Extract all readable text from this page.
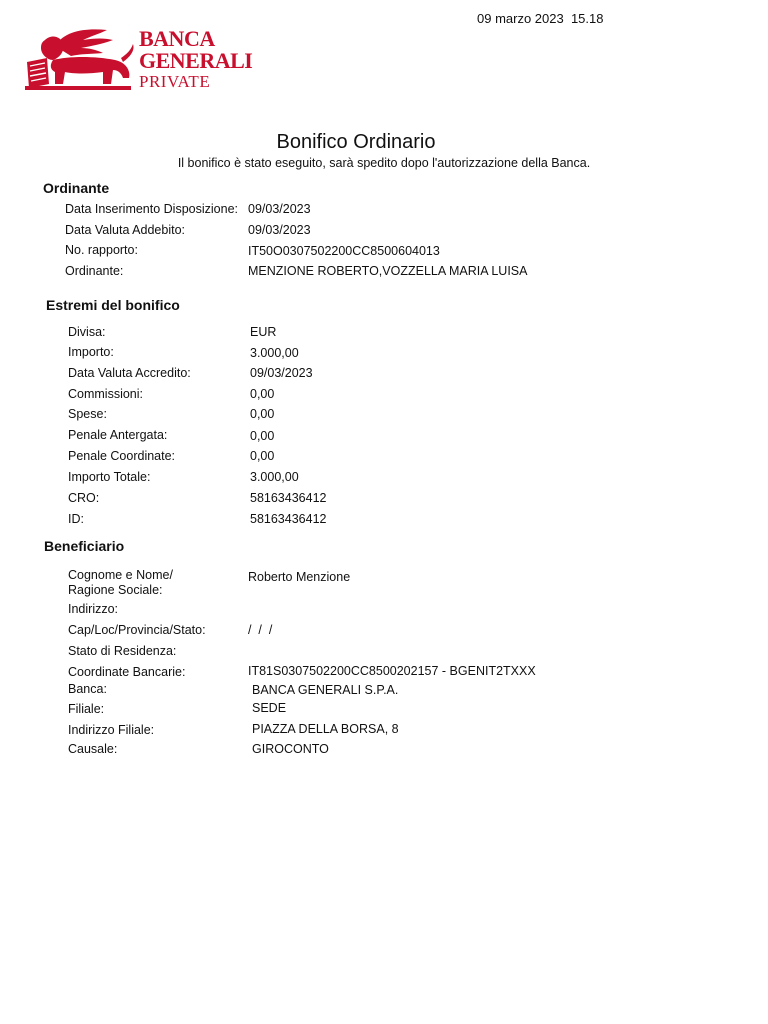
09 marzo 2023  15.18
BANCA
GENERALI
PRIVATE
Bonifico Ordinario
Il bonifico è stato eseguito, sarà spedito dopo l'autorizzazione della Banca.
Ordinante
Data Inserimento Disposizione: 09/03/2023
Data Valuta Addebito:	09/03/2023
No. rapporto:	IT50O0307502200CC8500604013
Ordinante:	MENZIONE ROBERTO,VOZZELLA MARIA LUISA
Estremi del bonifico
Divisa:	EUR
Importo:	3.000,00
Data Valuta Accredito:	09/03/2023
Commissioni:	0,00
Spese:	0,00
Penale Antergata:	0,00
Penale Coordinate:	0,00
Importo Totale:	3.000,00
CRO:	58163436412
ID:	58163436412
Beneficiario
Cognome e Nome/
Ragione Sociale:
Roberto Menzione
Indirizzo:
Cap/Loc/Provincia/Stato:	/  /  /
Stato di Residenza:
Coordinate Bancarie:	IT81S0307502200CC8500202157 - BGENIT2TXXX
Banca:	BANCA GENERALI S.P.A.
Filiale:	SEDE
Indirizzo Filiale:	PIAZZA DELLA BORSA, 8
Causale:	GIROCONTO
